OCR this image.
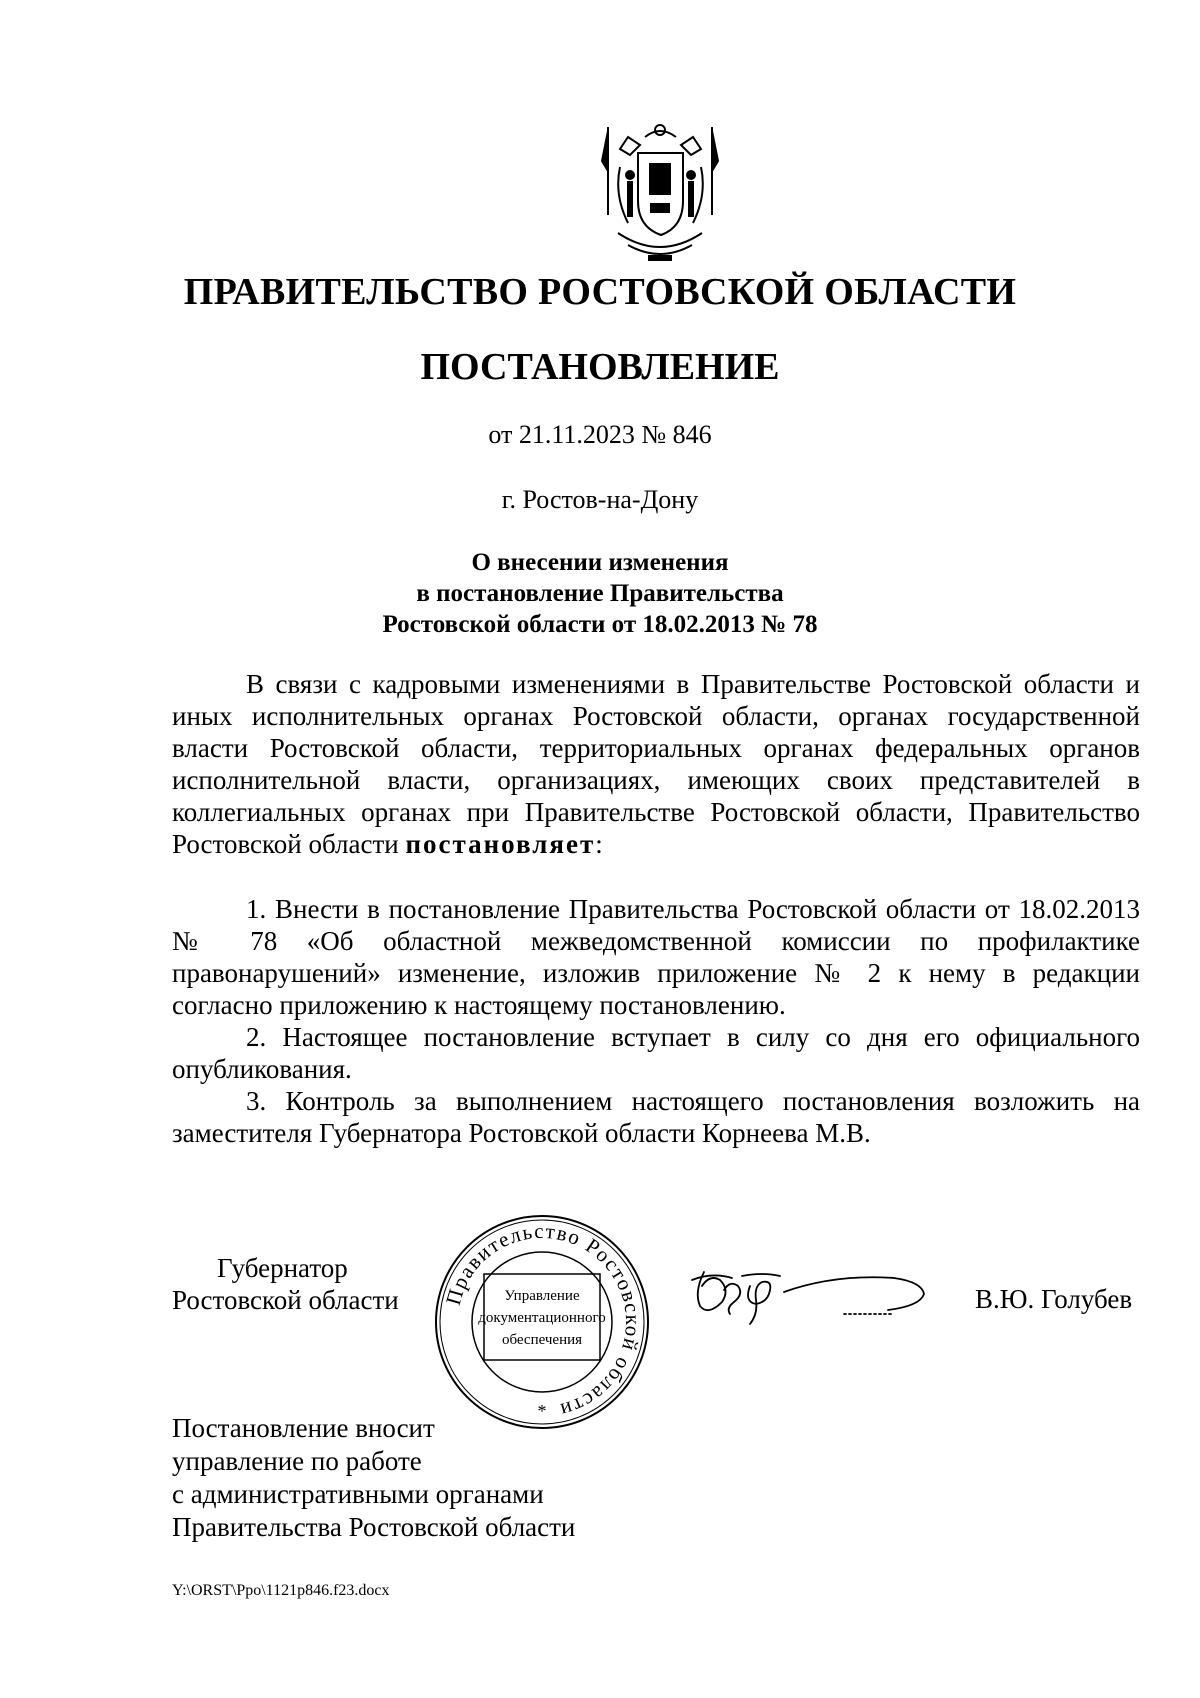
ПРАВИТЕЛЬСТВО РОСТОВСКОЙ ОБЛАСТИ
ПОСТАНОВЛЕНИЕ
от 21.11.2023 № 846
г. Ростов-на-Дону
О внесении изменения
в постановление Правительства
Ростовской области от 18.02.2013 № 78

В связи с кадровыми изменениями в Правительстве Ростовской области и иных исполнительных органах Ростовской области, органах государственной власти Ростовской области, территориальных органах федеральных органов исполнительной власти, организациях, имеющих своих представителей в коллегиальных органах при Правительстве Ростовской области, Правительство Ростовской области постановляет:

1. Внести в постановление Правительства Ростовской области от 18.02.2013 № 78 «Об областной межведомственной комиссии по профилактике правонарушений» изменение, изложив приложение № 2 к нему в редакции согласно приложению к настоящему постановлению.

2. Настоящее постановление вступает в силу со дня его официального опубликования.

3. Контроль за выполнением настоящего постановления возложить на заместителя Губернатора Ростовской области Корнеева М.В.

Губернатор
Ростовской области Правительство Ростовской области
Управление
документационного
обеспечения
*
В.Ю. Голубев
Постановление вносит
управление по работе
с административными органами
Правительства Ростовской области
Y:\ORST\Ppo\1121p846.f23.docx
